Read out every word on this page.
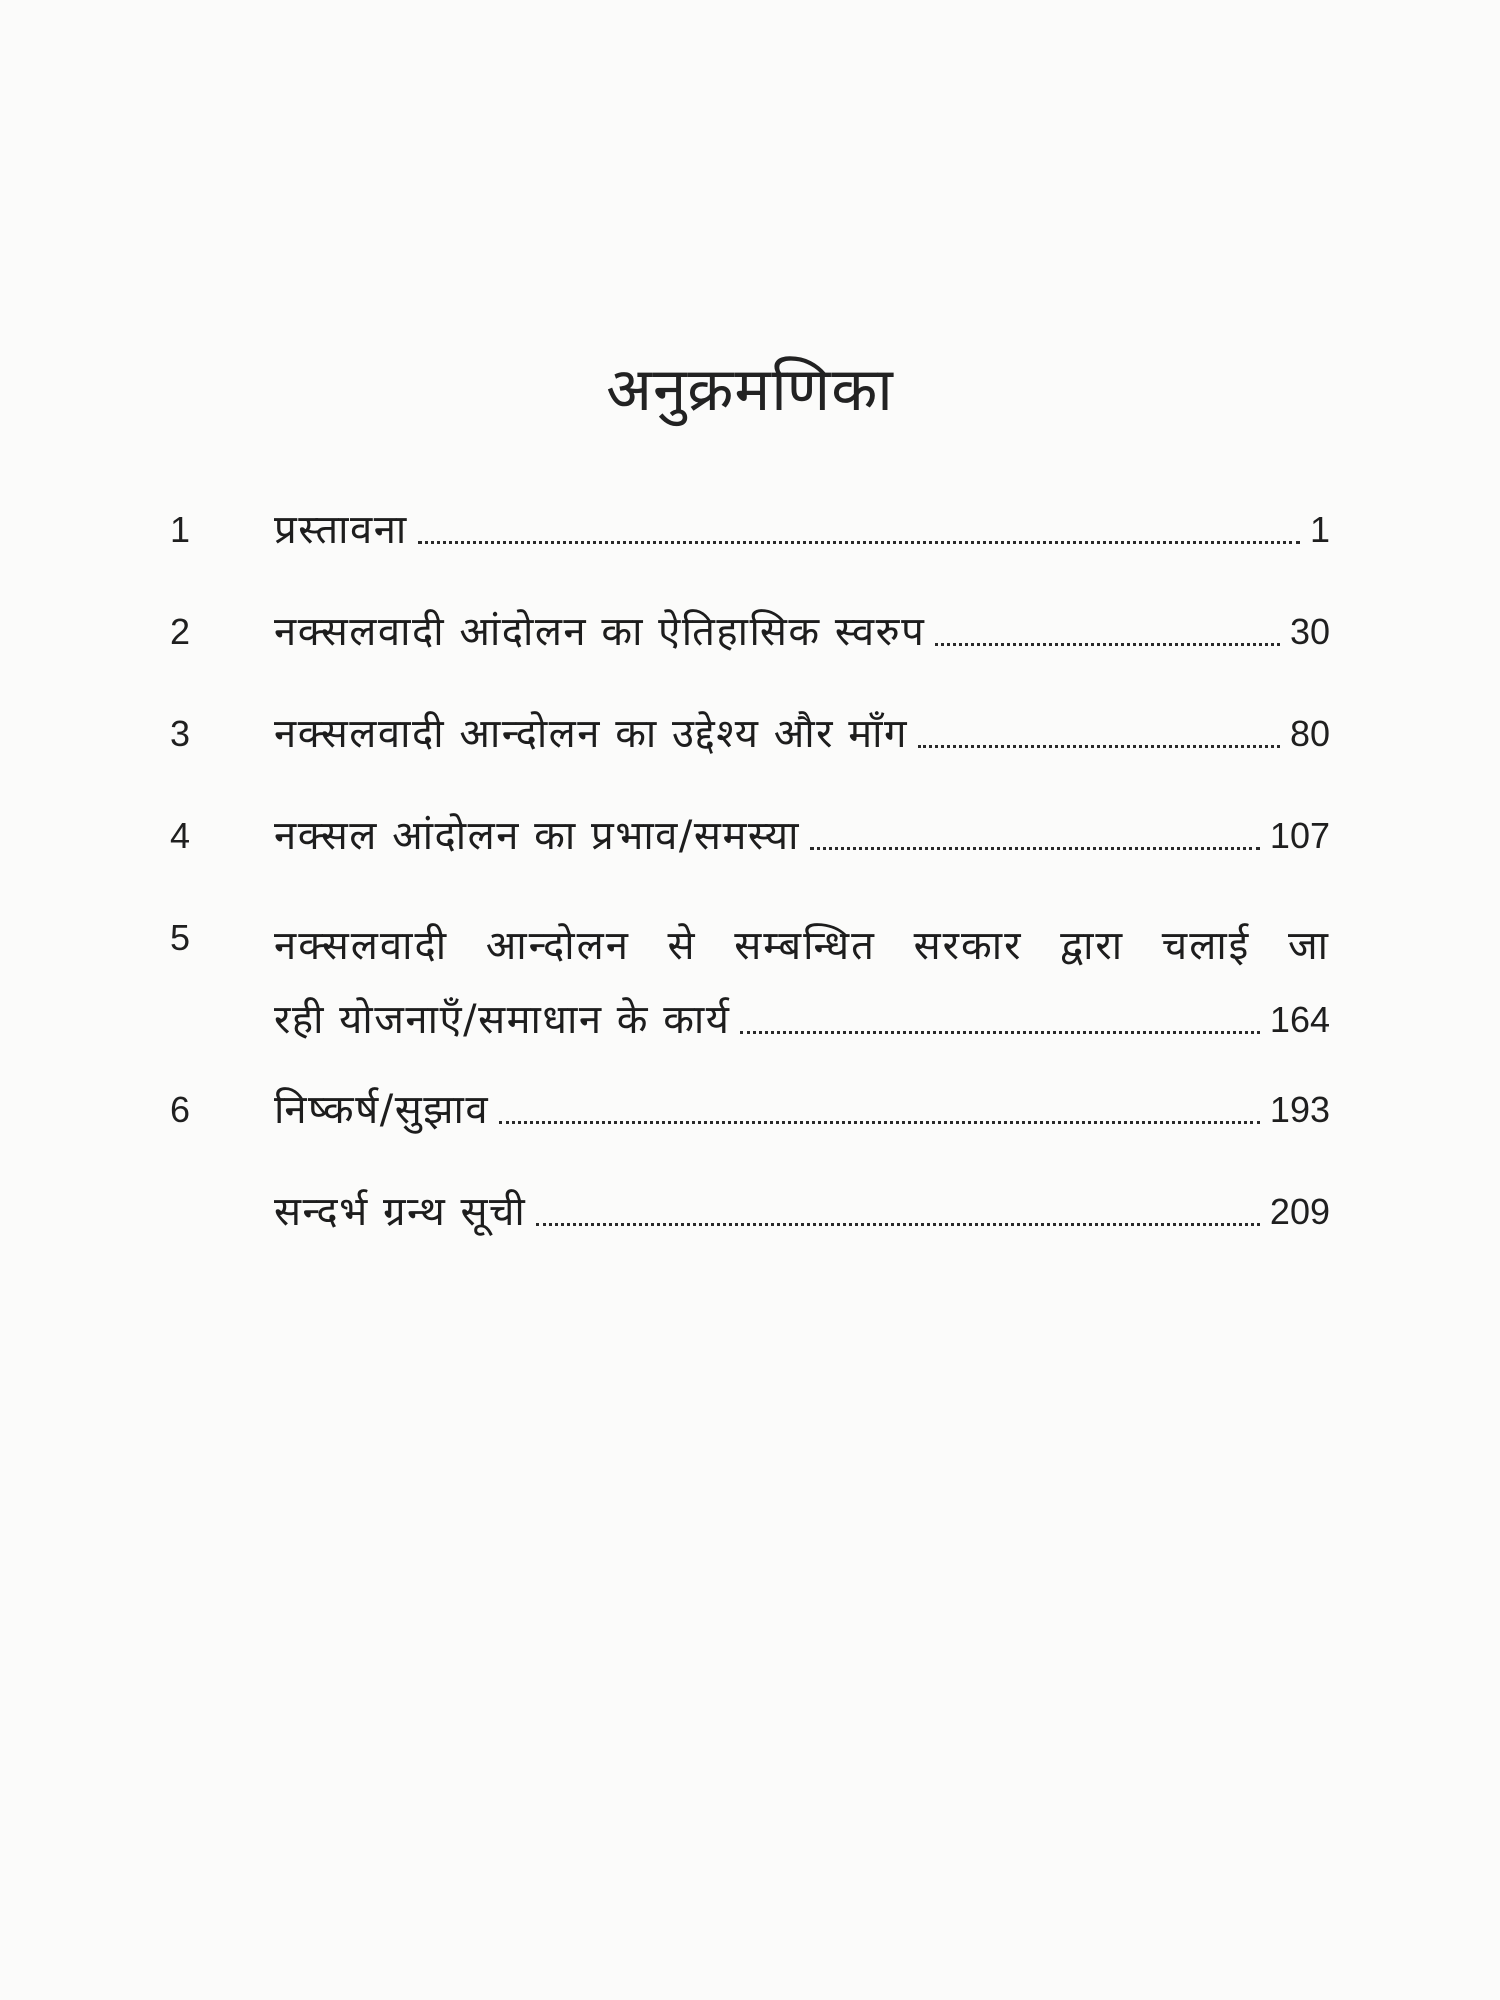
अनुक्रमणिका
1	प्रस्तावना	1
2	नक्सलवादी आंदोलन का ऐतिहासिक स्वरुप	30
3	नक्सलवादी आन्दोलन का उद्देश्य और माँग	80
4	नक्सल आंदोलन का प्रभाव/समस्या	107
5	नक्सलवादी आन्दोलन से सम्बन्धित सरकार द्वारा चलाई जा
रही योजनाएँ/समाधान के कार्य	164
6	निष्कर्ष/सुझाव	193
सन्दर्भ ग्रन्थ सूची	209
